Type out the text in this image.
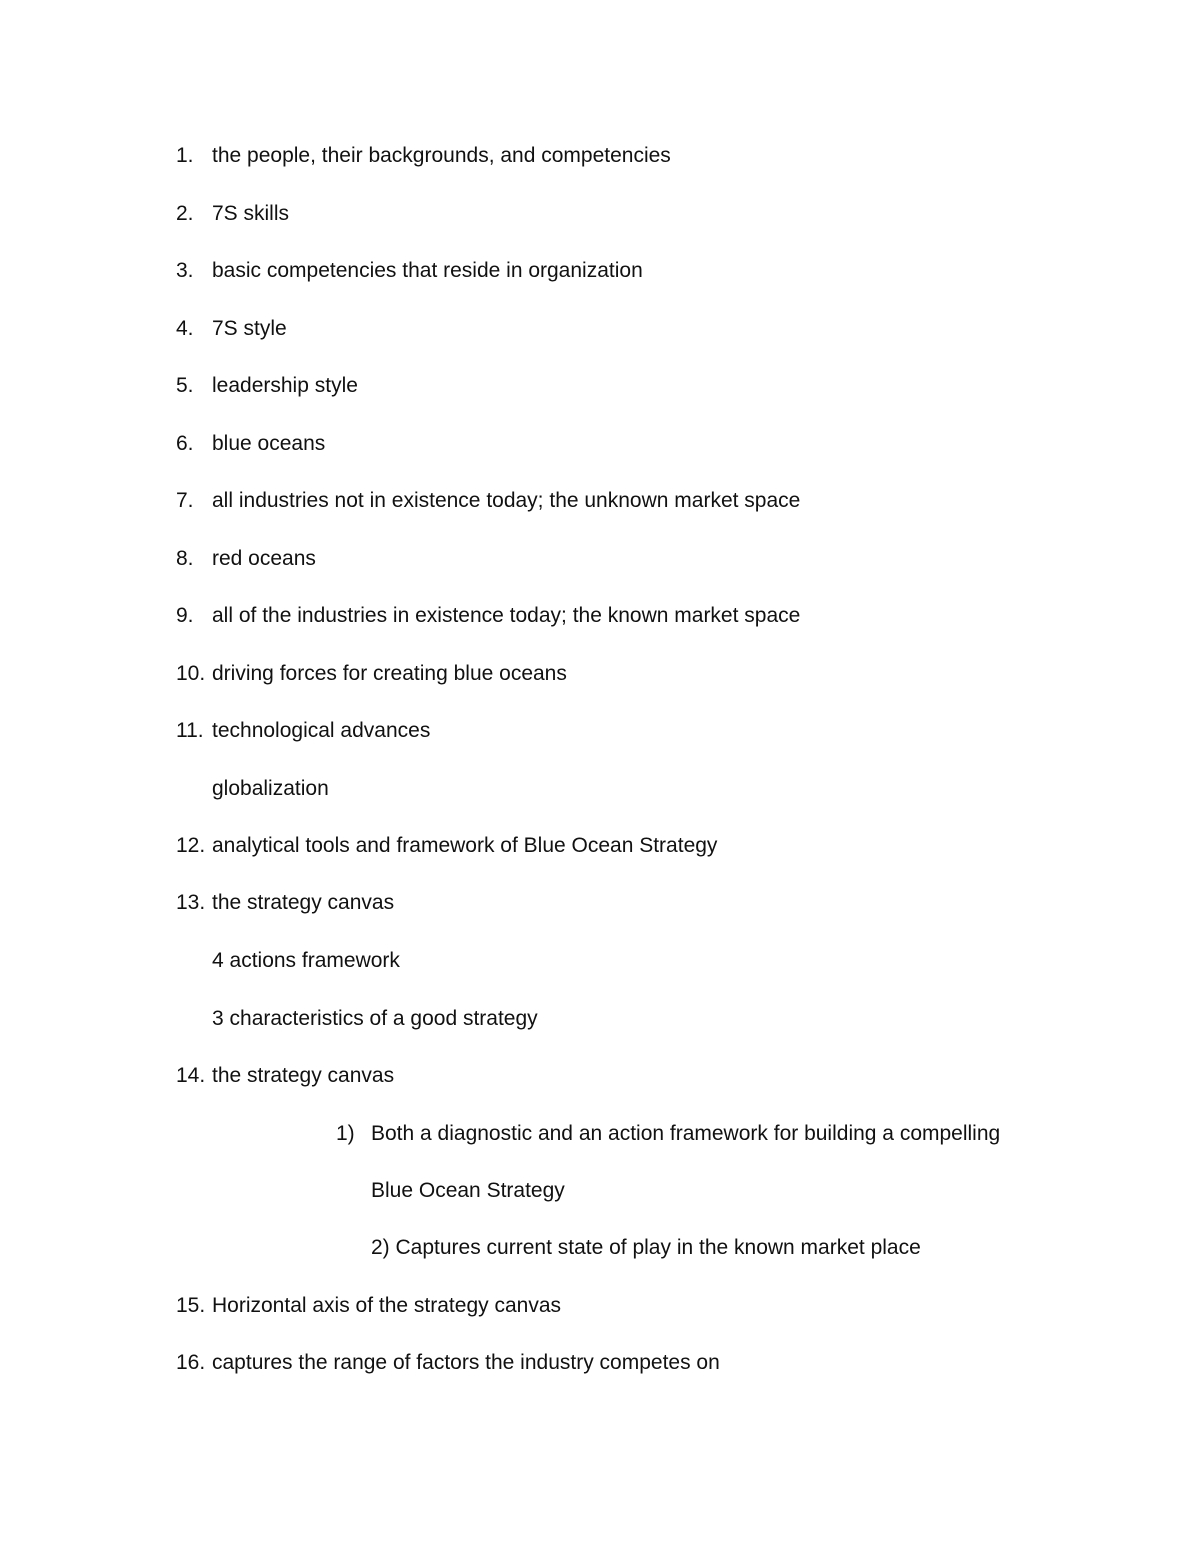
1. the people, their backgrounds, and competencies
2. 7S skills
3. basic competencies that reside in organization
4. 7S style
5. leadership style
6. blue oceans
7. all industries not in existence today; the unknown market space
8. red oceans
9. all of the industries in existence today; the known market space
10. driving forces for creating blue oceans
11. technological advances
globalization
12. analytical tools and framework of Blue Ocean Strategy
13. the strategy canvas
4 actions framework
3 characteristics of a good strategy
14. the strategy canvas
1) Both a diagnostic and an action framework for building a compelling
Blue Ocean Strategy
2) Captures current state of play in the known market place
15. Horizontal axis of the strategy canvas
16. captures the range of factors the industry competes on
